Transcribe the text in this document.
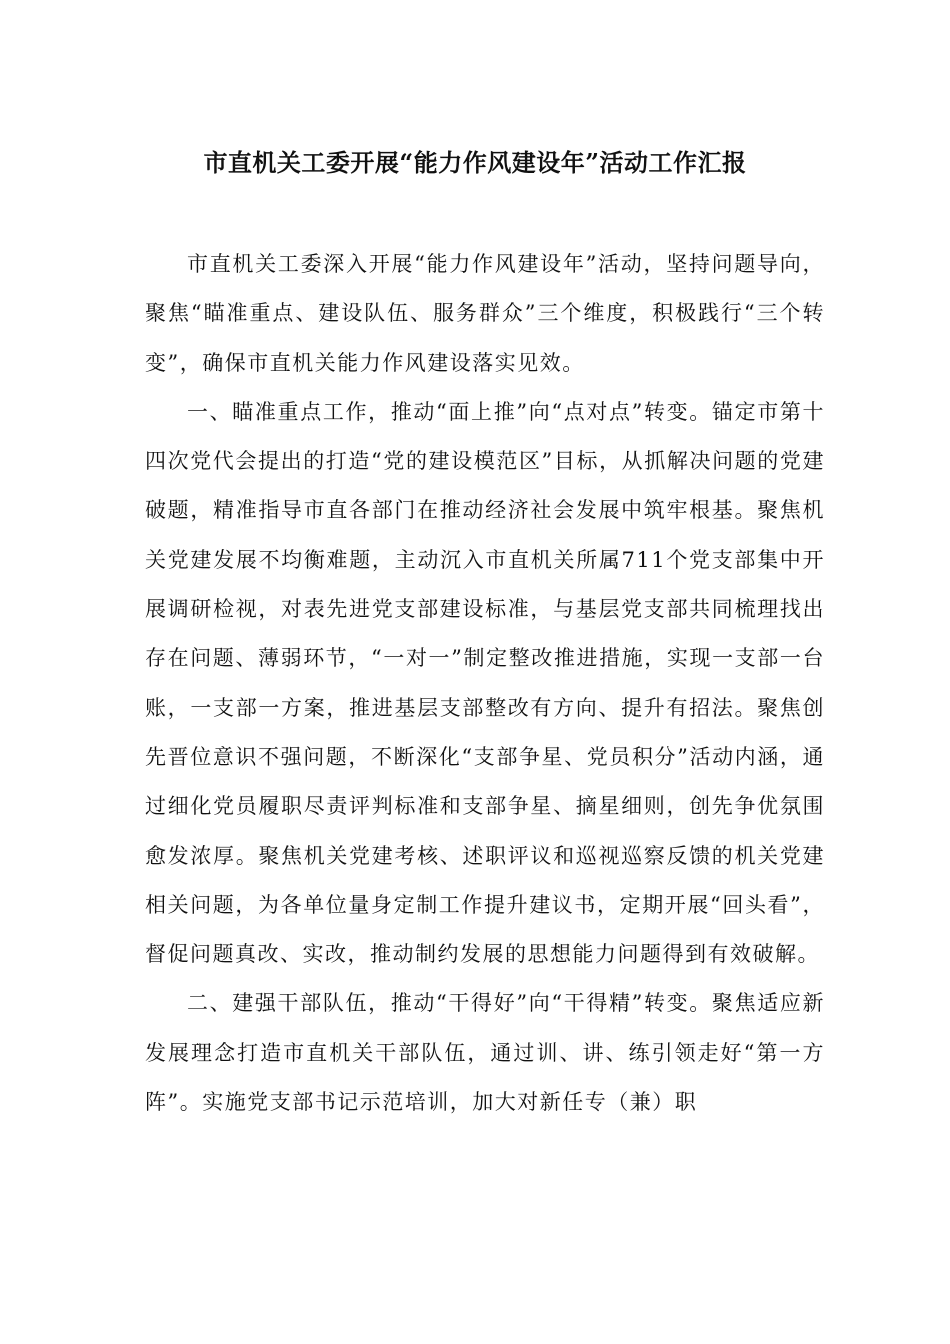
市直机关工委开展“能力作风建设年”活动工作汇报

市直机关工委深入开展“能力作风建设年”活动，坚持问题导向，聚焦“瞄准重点、建设队伍、服务群众”三个维度，积极践行“三个转变”，确保市直机关能力作风建设落实见效。

一、瞄准重点工作，推动“面上推”向“点对点”转变。锚定市第十四次党代会提出的打造“党的建设模范区”目标，从抓解决问题的党建破题，精准指导市直各部门在推动经济社会发展中筑牢根基。聚焦机关党建发展不均衡难题，主动沉入市直机关所属711个党支部集中开展调研检视，对表先进党支部建设标准，与基层党支部共同梳理找出存在问题、薄弱环节，“一对一”制定整改推进措施，实现一支部一台账，一支部一方案，推进基层支部整改有方向、提升有招法。聚焦创先晋位意识不强问题，不断深化“支部争星、党员积分”活动内涵，通过细化党员履职尽责评判标准和支部争星、摘星细则，创先争优氛围愈发浓厚。聚焦机关党建考核、述职评议和巡视巡察反馈的机关党建相关问题，为各单位量身定制工作提升建议书，定期开展“回头看”，督促问题真改、实改，推动制约发展的思想能力问题得到有效破解。

二、建强干部队伍，推动“干得好”向“干得精”转变。聚焦适应新发展理念打造市直机关干部队伍，通过训、讲、练引领走好“第一方阵”。实施党支部书记示范培训，加大对新任专（兼）职
